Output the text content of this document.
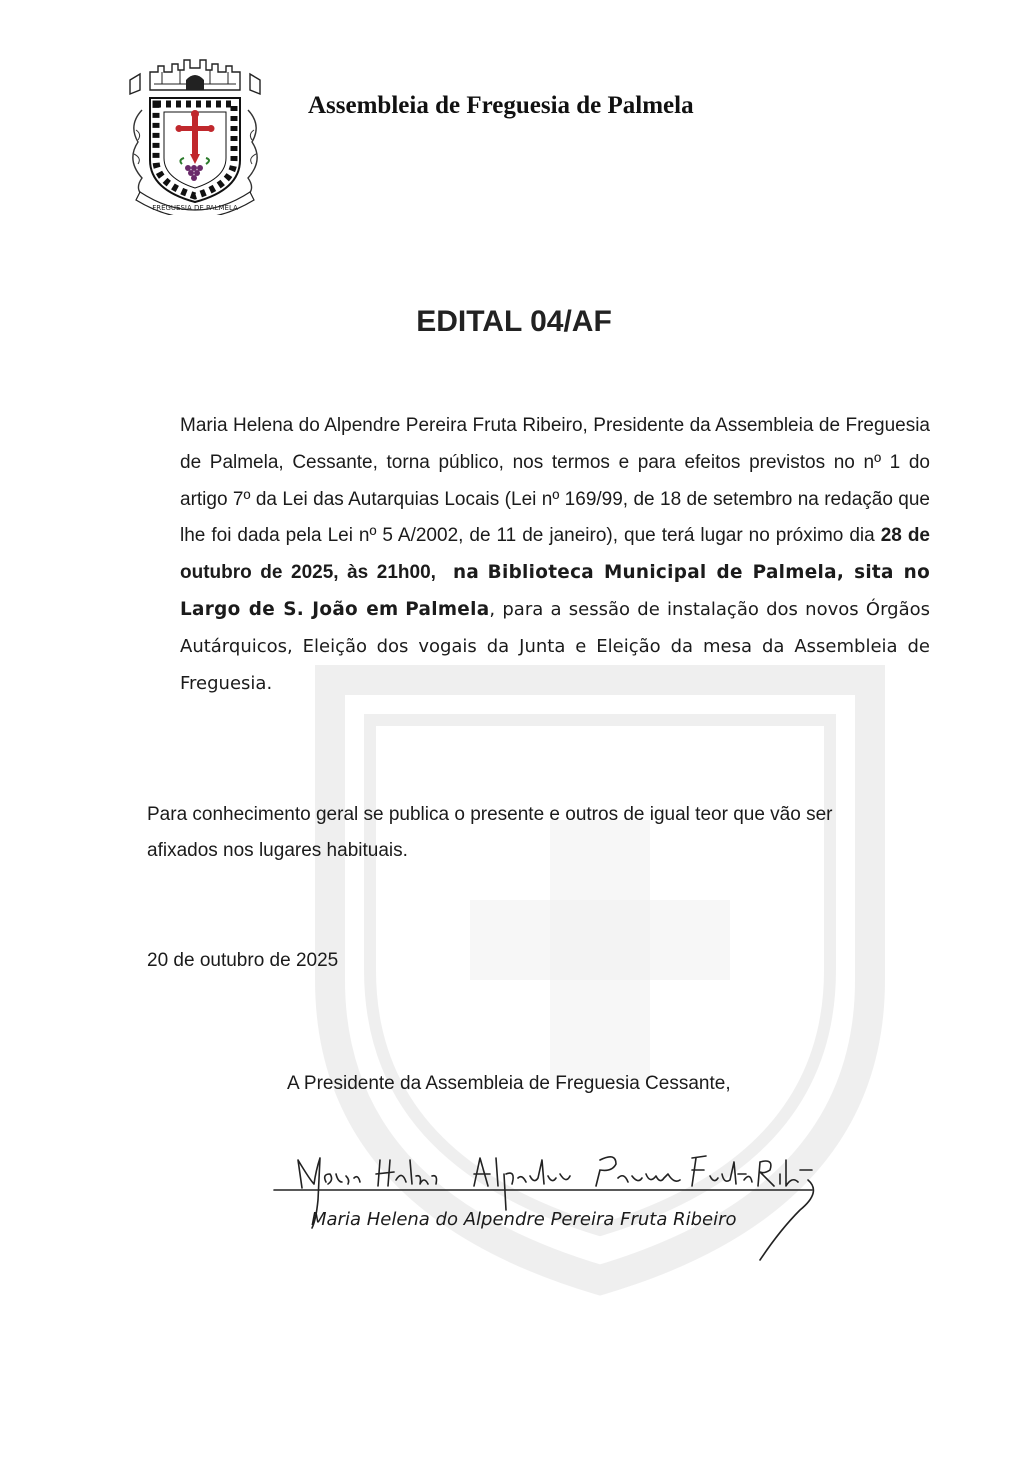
FREGUESIA DE PALMELA
Assembleia de Freguesia de Palmela
EDITAL 04/AF
Maria Helena do Alpendre Pereira Fruta Ribeiro, Presidente da Assembleia de Freguesia de Palmela, Cessante, torna público, nos termos e para efeitos previstos no nº 1 do artigo 7º da Lei das Autarquias Locais (Lei nº 169/99, de 18 de setembro na redação que lhe foi dada pela Lei nº 5 A/2002, de 11 de janeiro), que terá lugar no próximo dia 28 de outubro de 2025, às 21h00, na Biblioteca Municipal de Palmela, sita no Largo de S. João em Palmela, para a sessão de instalação dos novos Órgãos Autárquicos, Eleição dos vogais da Junta e Eleição da mesa da Assembleia de Freguesia.
Para conhecimento geral se publica o presente e outros de igual teor que vão ser
afixados nos lugares habituais.
20 de outubro de 2025
A Presidente da Assembleia de Freguesia Cessante,
Maria Helena do Alpendre Pereira Fruta Ribeiro
